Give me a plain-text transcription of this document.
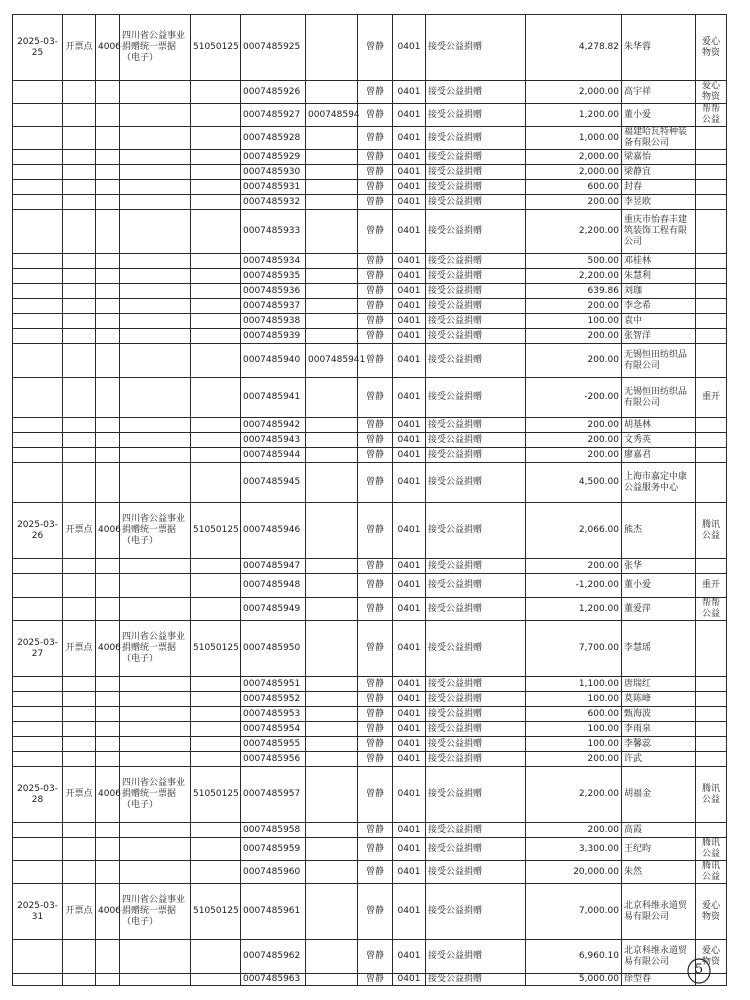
2025-03-25	开票点	4006	四川省公益事业捐赠统一票据（电子）	51050125	0007485925		曾静	0401	接受公益捐赠	4,278.82	朱华蓉	爱心物资	
					0007485926		曾静	0401	接受公益捐赠	2,000.00	高宇祥	爱心物资	
					0007485927	000748594	曾静	0401	接受公益捐赠	1,200.00	董小爱	帮帮公益	
					0007485928		曾静	0401	接受公益捐赠	1,000.00	福建哈瓦特种装备有限公司		
					0007485929		曾静	0401	接受公益捐赠	2,000.00	梁嘉怡		
					0007485930		曾静	0401	接受公益捐赠	2,000.00	梁静宜		
					0007485931		曾静	0401	接受公益捐赠	600.00	封春		
					0007485932		曾静	0401	接受公益捐赠	200.00	李昱欧		
					0007485933		曾静	0401	接受公益捐赠	2,200.00	重庆市怡春丰建筑装饰工程有限公司		
					0007485934		曾静	0401	接受公益捐赠	500.00	邓桂林		
					0007485935		曾静	0401	接受公益捐赠	2,200.00	朱慧利		
					0007485936		曾静	0401	接受公益捐赠	639.86	刘珈		
					0007485937		曾静	0401	接受公益捐赠	200.00	李念希		
					0007485938		曾静	0401	接受公益捐赠	100.00	袁中		
					0007485939		曾静	0401	接受公益捐赠	200.00	张智洋		
					0007485940	0007485941	曾静	0401	接受公益捐赠	200.00	无锡恒田纺织品有限公司		
					0007485941		曾静	0401	接受公益捐赠	-200.00	无锡恒田纺织品有限公司	重开	
					0007485942		曾静	0401	接受公益捐赠	200.00	胡基林		
					0007485943		曾静	0401	接受公益捐赠	200.00	文秀英		
					0007485944		曾静	0401	接受公益捐赠	200.00	廖嘉君		
					0007485945		曾静	0401	接受公益捐赠	4,500.00	上海市嘉定中康公益服务中心		
2025-03-26	开票点	4006	四川省公益事业捐赠统一票据（电子）	51050125	0007485946		曾静	0401	接受公益捐赠	2,066.00	熊杰	腾讯公益	
					0007485947		曾静	0401	接受公益捐赠	200.00	张华		
					0007485948		曾静	0401	接受公益捐赠	-1,200.00	董小爱	重开	
					0007485949		曾静	0401	接受公益捐赠	1,200.00	董爱萍	帮帮公益	
2025-03-27	开票点	4006	四川省公益事业捐赠统一票据（电子）	51050125	0007485950		曾静	0401	接受公益捐赠	7,700.00	李慧瑶		
					0007485951		曾静	0401	接受公益捐赠	1,100.00	唐瑞红		
					0007485952		曾静	0401	接受公益捐赠	100.00	莫陈峰		
					0007485953		曾静	0401	接受公益捐赠	600.00	甄海波		
					0007485954		曾静	0401	接受公益捐赠	100.00	李雨泉		
					0007485955		曾静	0401	接受公益捐赠	100.00	李馨蕊		
					0007485956		曾静	0401	接受公益捐赠	200.00	许武		
2025-03-28	开票点	4006	四川省公益事业捐赠统一票据（电子）	51050125	0007485957		曾静	0401	接受公益捐赠	2,200.00	胡福金	腾讯公益	
					0007485958		曾静	0401	接受公益捐赠	200.00	高霞		
					0007485959		曾静	0401	接受公益捐赠	3,300.00	王纪昀	腾讯公益	
					0007485960		曾静	0401	接受公益捐赠	20,000.00	朱然	腾讯公益	
2025-03-31	开票点	4006	四川省公益事业捐赠统一票据（电子）	51050125	0007485961		曾静	0401	接受公益捐赠	7,000.00	北京科维永道贸易有限公司	爱心物资	
					0007485962		曾静	0401	接受公益捐赠	6,960.10	北京科维永道贸易有限公司	爱心物资	
					0007485963		曾静	0401	接受公益捐赠	5,000.00	徐型春		
5
